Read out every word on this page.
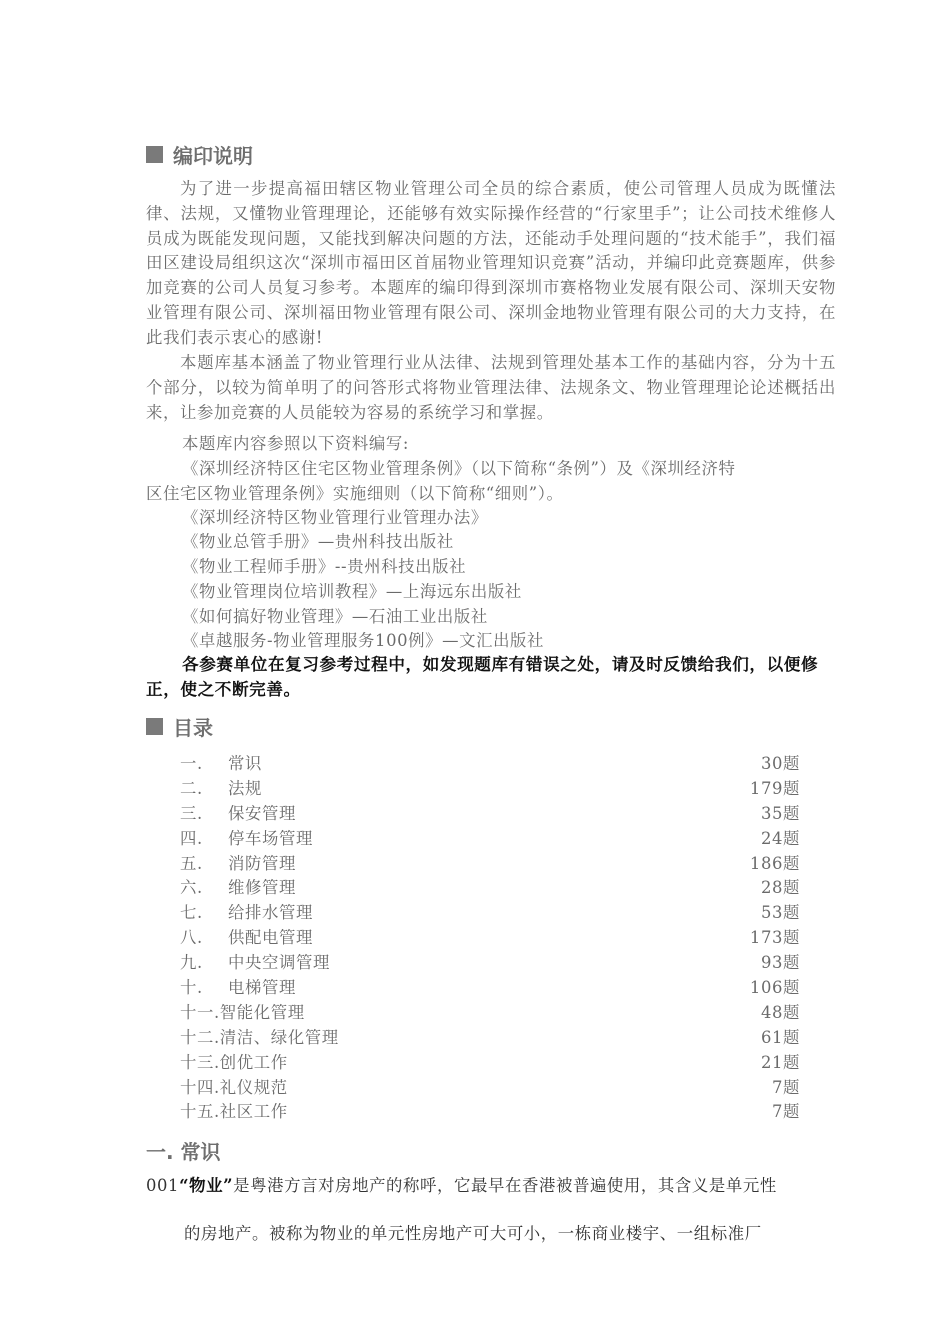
编印说明

为了进一步提高福田辖区物业管理公司全员的综合素质，使公司管理人员成为既懂法律、法规，又懂物业管理理论，还能够有效实际操作经营的“行家里手”；让公司技术维修人员成为既能发现问题，又能找到解决问题的方法，还能动手处理问题的“技术能手”，我们福田区建设局组织这次“深圳市福田区首届物业管理知识竞赛”活动，并编印此竞赛题库，供参加竞赛的公司人员复习参考。本题库的编印得到深圳市赛格物业发展有限公司、深圳天安物业管理有限公司、深圳福田物业管理有限公司、深圳金地物业管理有限公司的大力支持，在此我们表示衷心的感谢!

本题库基本涵盖了物业管理行业从法律、法规到管理处基本工作的基础内容，分为十五个部分，以较为简单明了的问答形式将物业管理法律、法规条文、物业管理理论论述概括出来，让参加竞赛的人员能较为容易的系统学习和掌握。

本题库内容参照以下资料编写:
《深圳经济特区住宅区物业管理条例》（以下简称“条例”）及《深圳经济特
区住宅区物业管理条例》实施细则（以下简称“细则”）。
《深圳经济特区物业管理行业管理办法》
《物业总管手册》—贵州科技出版社
《物业工程师手册》--贵州科技出版社
《物业管理岗位培训教程》—上海远东出版社
《如何搞好物业管理》—石油工业出版社
《卓越服务-物业管理服务100例》—文汇出版社

各参赛单位在复习参考过程中，如发现题库有错误之处，请及时反馈给我们，以便修正，使之不断完善。

目录
一. 常识	30题
二. 法规	179题
三. 保安管理	35题
四. 停车场管理	24题
五. 消防管理	186题
六. 维修管理	28题
七. 给排水管理	53题
八. 供配电管理	173题
九. 中央空调管理	93题
十. 电梯管理	106题
十一.智能化管理	48题
十二.清洁、绿化管理	61题
十三.创优工作	21题
十四.礼仪规范	7题
十五.社区工作	7题
一. 常识

001“物业”是粤港方言对房地产的称呼，它最早在香港被普遍使用，其含义是单元性

的房地产。被称为物业的单元性房地产可大可小，一栋商业楼宇、一组标准厂
